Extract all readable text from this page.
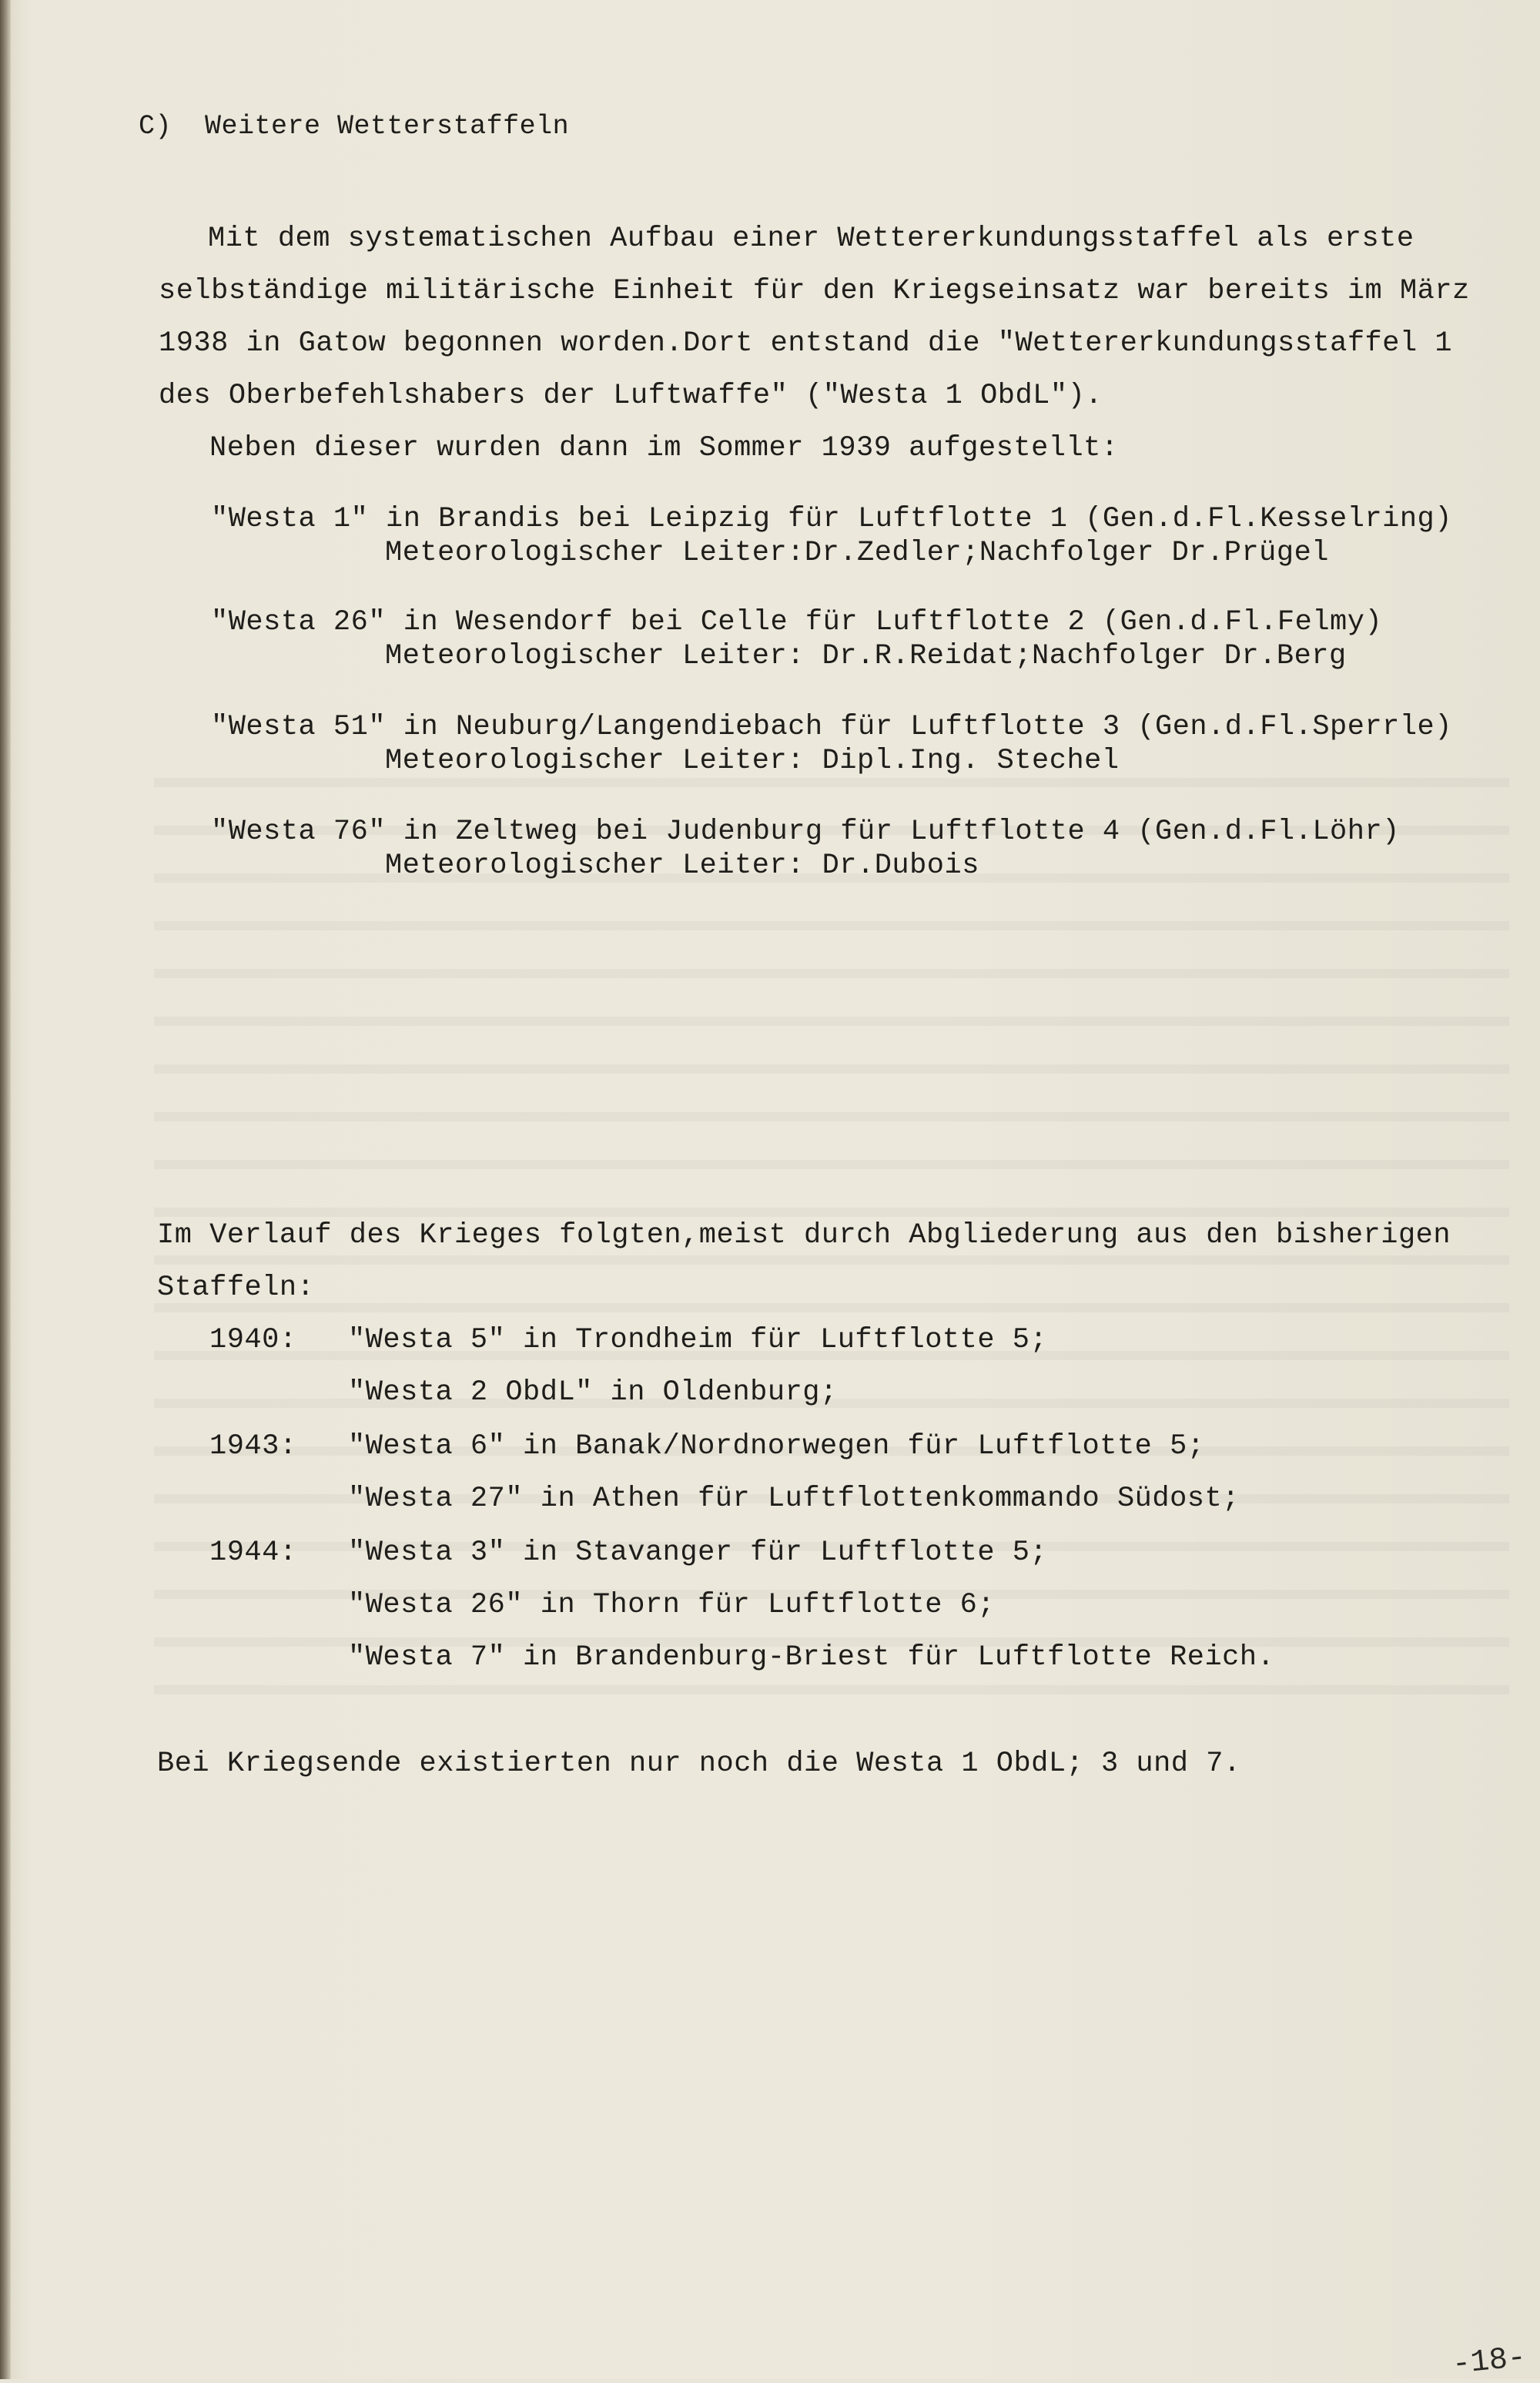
C)  Weitere Wetterstaffeln
Mit dem systematischen Aufbau einer Wettererkundungsstaffel als erste
selbständige militärische Einheit für den Kriegseinsatz war bereits im März
1938 in Gatow begonnen worden.Dort entstand die "Wettererkundungsstaffel 1
des Oberbefehlshabers der Luftwaffe" ("Westa 1 ObdL").
Neben dieser wurden dann im Sommer 1939 aufgestellt:
"Westa 1" in Brandis bei Leipzig für Luftflotte 1 (Gen.d.Fl.Kesselring)
Meteorologischer Leiter:Dr.Zedler;Nachfolger Dr.Prügel
"Westa 26" in Wesendorf bei Celle für Luftflotte 2 (Gen.d.Fl.Felmy)
Meteorologischer Leiter: Dr.R.Reidat;Nachfolger Dr.Berg
"Westa 51" in Neuburg/Langendiebach für Luftflotte 3 (Gen.d.Fl.Sperrle)
Meteorologischer Leiter: Dipl.Ing. Stechel
"Westa 76" in Zeltweg bei Judenburg für Luftflotte 4 (Gen.d.Fl.Löhr)
Meteorologischer Leiter: Dr.Dubois
Im Verlauf des Krieges folgten,meist durch Abgliederung aus den bisherigen
Staffeln:
1940: "Westa 5" in Trondheim für Luftflotte 5;
"Westa 2 ObdL" in Oldenburg;
1943: "Westa 6" in Banak/Nordnorwegen für Luftflotte 5;
"Westa 27" in Athen für Luftflottenkommando Südost;
1944: "Westa 3" in Stavanger für Luftflotte 5;
"Westa 26" in Thorn für Luftflotte 6;
"Westa 7" in Brandenburg-Briest für Luftflotte Reich.
Bei Kriegsende existierten nur noch die Westa 1 ObdL; 3 und 7.
-18-
